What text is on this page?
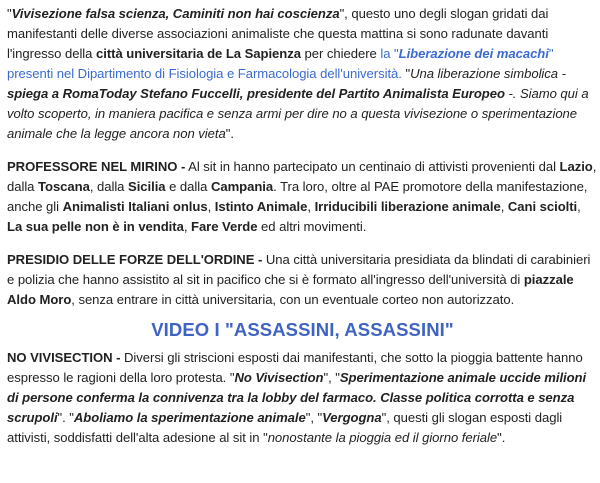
"Vivisezione falsa scienza, Caminiti non hai coscienza", questo uno degli slogan gridati dai manifestanti delle diverse associazioni animaliste che questa mattina si sono radunate davanti l'ingresso della città universitaria de La Sapienza per chiedere la "Liberazione dei macachi" presenti nel Dipartimento di Fisiologia e Farmacologia dell'università. "Una liberazione simbolica - spiega a RomaToday Stefano Fuccelli, presidente del Partito Animalista Europeo -. Siamo qui a volto scoperto, in maniera pacifica e senza armi per dire no a questa vivisezione o sperimentazione animale che la legge ancora non vieta".

PROFESSORE NEL MIRINO - Al sit in hanno partecipato un centinaio di attivisti provenienti dal Lazio, dalla Toscana, dalla Sicilia e dalla Campania. Tra loro, oltre al PAE promotore della manifestazione, anche gli Animalisti Italiani onlus, Istinto Animale, Irriducibili liberazione animale, Cani sciolti, La sua pelle non è in vendita, Fare Verde ed altri movimenti.

PRESIDIO DELLE FORZE DELL'ORDINE - Una città universitaria presidiata da blindati di carabinieri e polizia che hanno assistito al sit in pacifico che si è formato all'ingresso dell'università di piazzale Aldo Moro, senza entrare in città universitaria, con un eventuale corteo non autorizzato.

VIDEO I "ASSASSINI, ASSASSINI"

NO VIVISECTION - Diversi gli striscioni esposti dai manifestanti, che sotto la pioggia battente hanno espresso le ragioni della loro protesta. "No Vivisection", "Sperimentazione animale uccide milioni di persone conferma la connivenza tra la lobby del farmaco. Classe politica corrotta e senza scrupoli". "Aboliamo la sperimentazione animale", "Vergogna", questi gli slogan esposti dagli attivisti, soddisfatti dell'alta adesione al sit in "nonostante la pioggia ed il giorno feriale".
